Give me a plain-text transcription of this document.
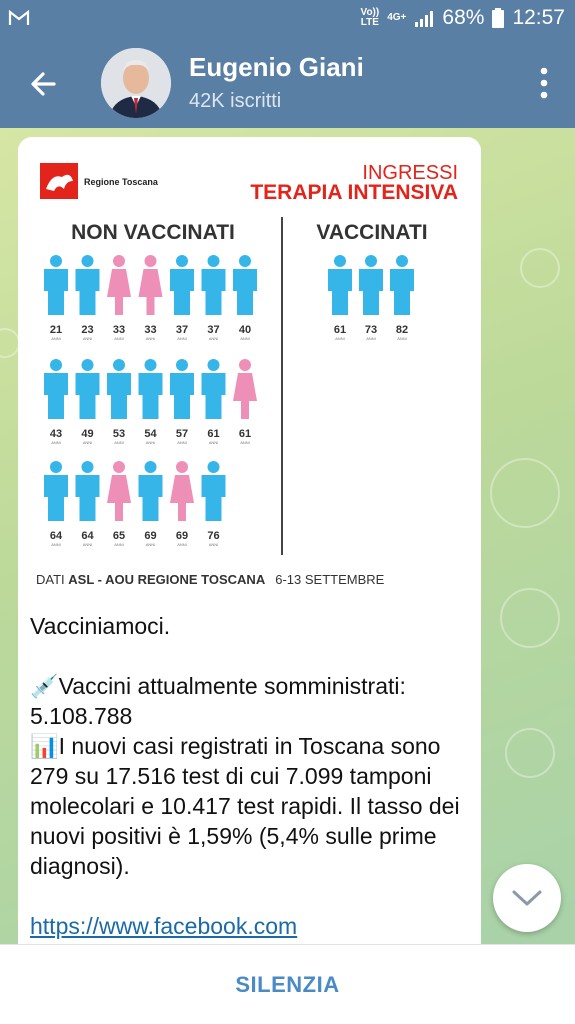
Vo))
LTE 4G+ 68% 12:57
Eugenio Giani
42K iscritti
Regione Toscana	INGRESSI
TERAPIA INTENSIVA
NON VACCINATI	VACCINATI
DATI ASL - AOU REGIONE TOSCANA 6-13 SETTEMBRE
21
ANNI
23
ANNI
33
ANNI
33
ANNI
37
ANNI
37
ANNI
40
ANNI
43
ANNI
49
ANNI
53
ANNI
54
ANNI
57
ANNI
61
ANNI
61
ANNI
64
ANNI
64
ANNI
65
ANNI
69
ANNI
69
ANNI
76
ANNI
61
ANNI
73
ANNI
82
ANNI
Vacciniamoci.

💉Vaccini attualmente somministrati: 5.108.788
📊I nuovi casi registrati in Toscana sono 279 su 17.516 test di cui 7.099 tamponi molecolari e 10.417 test rapidi. Il tasso dei nuovi positivi è 1,59% (5,4% sulle prime diagnosi).

https://www.facebook.com
SILENZIA
